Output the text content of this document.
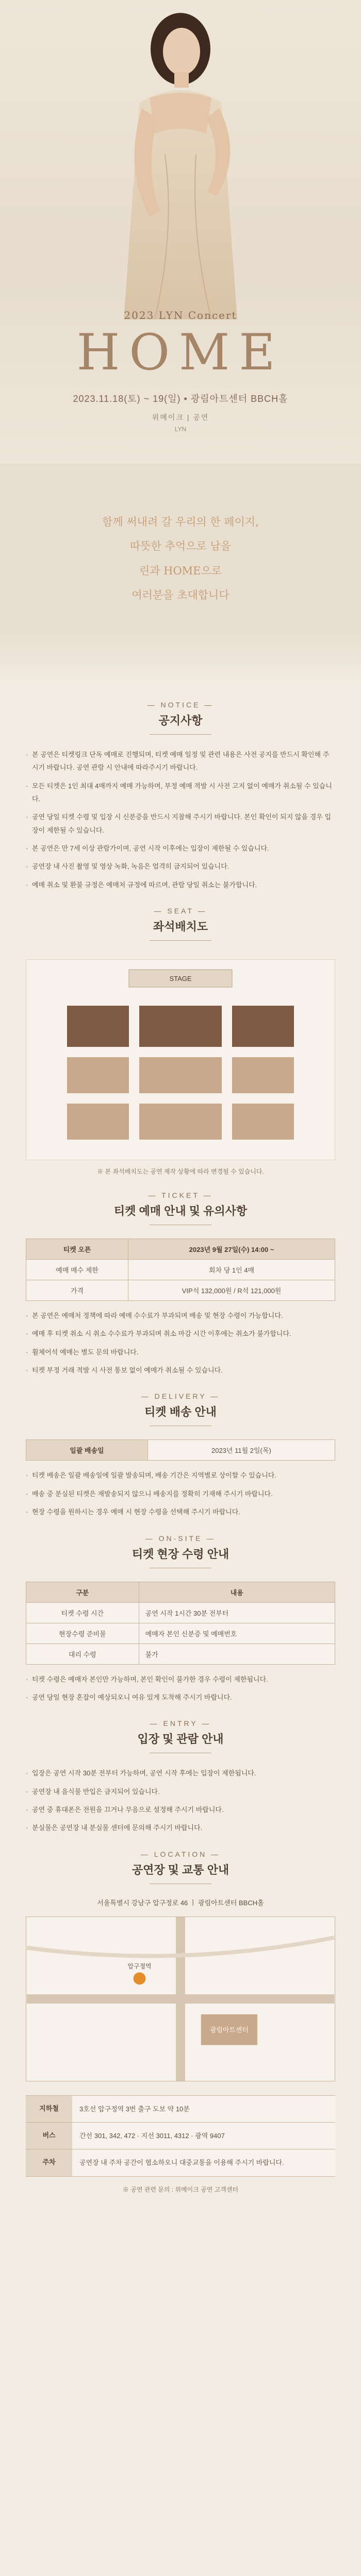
2023 LYN Concert
HOME
2023.11.18(토) ~ 19(일) • 광림아트센터 BBCH홀
위메이크 | 공연
LYN

함께 써내려 갈 우리의 한 페이지,

따뜻한 추억으로 남을

린과 HOME으로

여러분을 초대합니다

— NOTICE —
공지사항
· 본 공연은 티켓링크 단독 예매로 진행되며, 티켓 예매 일정 및 관련 내용은 사전 공지를 반드시 확인해 주시기 바랍니다. 공연 관람 시 안내에 따라주시기 바랍니다.
· 모든 티켓은 1인 최대 4매까지 예매 가능하며, 부정 예매 적발 시 사전 고지 없이 예매가 취소될 수 있습니다.
· 공연 당일 티켓 수령 및 입장 시 신분증을 반드시 지참해 주시기 바랍니다. 본인 확인이 되지 않을 경우 입장이 제한될 수 있습니다.
· 본 공연은 만 7세 이상 관람가이며, 공연 시작 이후에는 입장이 제한될 수 있습니다.
· 공연장 내 사진 촬영 및 영상 녹화, 녹음은 엄격히 금지되어 있습니다.
· 예매 취소 및 환불 규정은 예매처 규정에 따르며, 관람 당일 취소는 불가합니다.
— SEAT —
좌석배치도
STAGE
※ 본 좌석배치도는 공연 제작 상황에 따라 변경될 수 있습니다.
— TICKET —
티켓 예매 안내 및 유의사항
티켓 오픈	2023년 9월 27일(수) 14:00 ~
예매 매수 제한	회차 당 1인 4매
가격	VIP석 132,000원 / R석 121,000원
· 본 공연은 예매처 정책에 따라 예매 수수료가 부과되며 배송 및 현장 수령이 가능합니다.
· 예매 후 티켓 취소 시 취소 수수료가 부과되며 취소 마감 시간 이후에는 취소가 불가합니다.
· 휠체어석 예매는 별도 문의 바랍니다.
· 티켓 부정 거래 적발 시 사전 통보 없이 예매가 취소될 수 있습니다.
— DELIVERY —
티켓 배송 안내
일괄 배송일	2023년 11월 2일(목)
· 티켓 배송은 일괄 배송일에 일괄 발송되며, 배송 기간은 지역별로 상이할 수 있습니다.
· 배송 중 분실된 티켓은 재발송되지 않으니 배송지를 정확히 기재해 주시기 바랍니다.
· 현장 수령을 원하시는 경우 예매 시 현장 수령을 선택해 주시기 바랍니다.
— ON-SITE —
티켓 현장 수령 안내
구분	내용
티켓 수령 시간	공연 시작 1시간 30분 전부터
현장수령 준비물	예매자 본인 신분증 및 예매번호
대리 수령	불가
· 티켓 수령은 예매자 본인만 가능하며, 본인 확인이 불가한 경우 수령이 제한됩니다.
· 공연 당일 현장 혼잡이 예상되오니 여유 있게 도착해 주시기 바랍니다.
— ENTRY —
입장 및 관람 안내
· 입장은 공연 시작 30분 전부터 가능하며, 공연 시작 후에는 입장이 제한됩니다.
· 공연장 내 음식물 반입은 금지되어 있습니다.
· 공연 중 휴대폰은 전원을 끄거나 무음으로 설정해 주시기 바랍니다.
· 분실물은 공연장 내 분실물 센터에 문의해 주시기 바랍니다.
— LOCATION —
공연장 및 교통 안내
서울특별시 강남구 압구정로 46 ㅣ 광림아트센터 BBCH홀
광림아트센터
압구정역
지하철	3호선 압구정역 3번 출구 도보 약 10분
버스	간선 301, 342, 472 · 지선 3011, 4312 · 광역 9407
주차	공연장 내 주차 공간이 협소하오니 대중교통을 이용해 주시기 바랍니다.
※ 공연 관련 문의 : 위메이크 공연 고객센터
